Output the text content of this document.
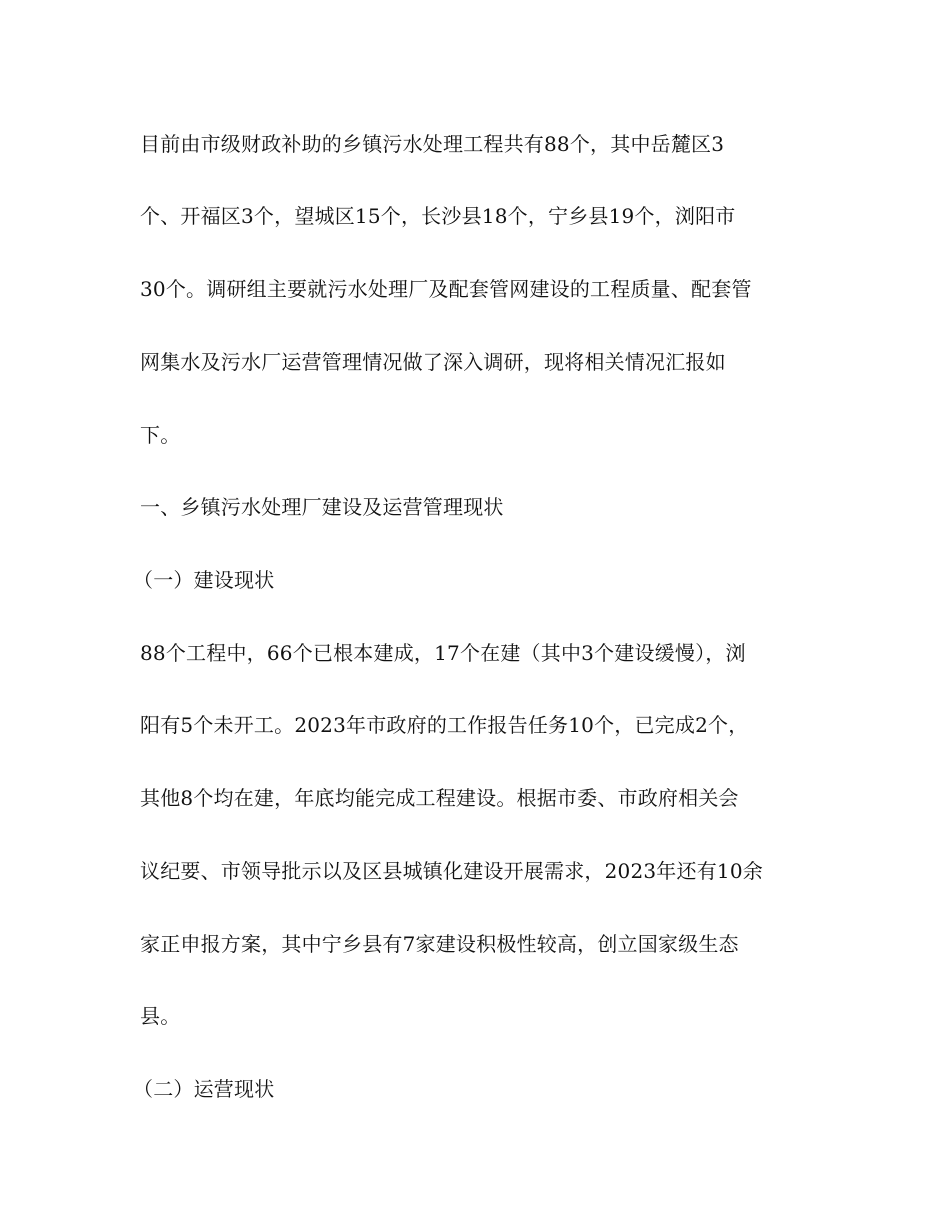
目前由市级财政补助的乡镇污水处理工程共有88个，其中岳麓区3
个、开福区3个，望城区15个，长沙县18个，宁乡县19个，浏阳市
30个。调研组主要就污水处理厂及配套管网建设的工程质量、配套管
网集水及污水厂运营管理情况做了深入调研，现将相关情况汇报如
下。
一、乡镇污水处理厂建设及运营管理现状
（一）建设现状
88个工程中，66个已根本建成，17个在建（其中3个建设缓慢），浏
阳有5个未开工。2023年市政府的工作报告任务10个，已完成2个，
其他8个均在建，年底均能完成工程建设。根据市委、市政府相关会
议纪要、市领导批示以及区县城镇化建设开展需求，2023年还有10余
家正申报方案，其中宁乡县有7家建设积极性较高，创立国家级生态
县。
（二）运营现状
